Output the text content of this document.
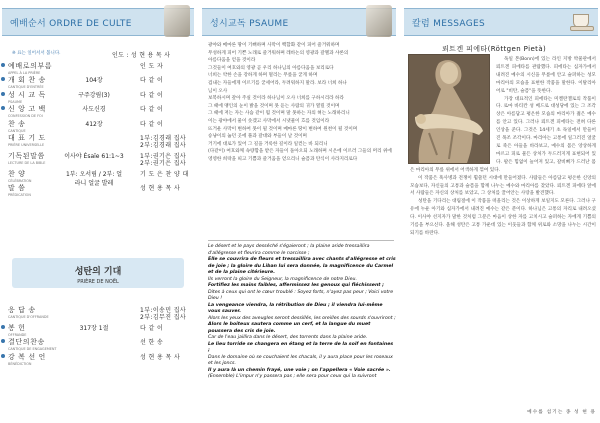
예배순서 ORDRE DE CULTE
※ 표는 일어서서 봅니다.	인도 : 성 현 용 목 사
예배로의부름
APPEL À LA PRIÈRE
인 도 자
개 회 찬 송
CANTIQUE D'ENTRÉE
104장	다 같 이
성 시 교 독
PSAUME
구주강림(3)	다 같 이
신 앙 고 백
CONFESSION DE FOI
사도신경	다 같 이
찬 송
CANTIQUE
412장	다 같 이
대 표 기 도
PRIÈRE UNIVERSELLE
1부:김경래 집사
2부:김경래 집사
기독된말씀
LECTURE DE LA BIBLE
이사야 Ésaïe 61:1~3	1부:권기은 집사
2부:권기은 집사
찬 양
CÉLÉBRATION
1부: 오서림 / 2부: 얼라니 얼굴 발레
기 도 은 찬 양 대
말 씀
PRÉDICATION
성 현 용 목 사
성탄의 기대
PRIÈRE DE NOËL
응 답 송
CANTIQUE D'OFFRANDE
1부:이송민 집사
2부:김무진 집사
봉 헌
OFFRANDE
317장 1절	다 같 이
결단의찬송
CANTIQUE DE ENGAGEMENT
선 한 송
강 복 선 언
BÉNÉDICTION
성 현 용 목 사
성시교독 PSAUME

광야와 메마른 땅이 기뻐하며 사막이 백합화 같이 피어 즐거워하며

무성하게 피어 기쁜 노래로 즐거워하며 레바논의 영광과 갈멜과 샤론의

아름다움을 얻을 것이라

그것들이 여호와의 영광 곧 우리 하나님의 아름다움을 보리로다

너희는 약한 손을 강하게 하며 떨리는 무릎을 굳게 하며

겁내는 자들에게 이르기를 굳세어라, 두려워하지 말라. 보라 너희 하나

님이 오사

보복하시며 갚아 주실 것이라 하나님이 오사 너희를 구하시리라 하라

그 때에 맹인의 눈이 밝을 것이며 못 듣는 사람의 귀가 열릴 것이며

그 때에 저는 자는 사슴 같이 뛸 것이며 말 못하는 자의 혀는 노래하리니

이는 광야에서 물이 솟겠고 사막에서 시냇물이 흐를 것임이라

뜨거운 사막이 변하여 못이 될 것이며 메마른 땅이 변하여 원천이 될 것이며

승냥이의 눕던 곳에 풀과 갈대와 부들이 날 것이며

거기에 대로가 있어 그 길을 거룩한 길이라 일컫는 바 되리니

(다같이) 여호와께 속량함을 받은 자들이 돌아오되 노래하며 시온에 이르러 그들의 머리 위에 영영한 희락을 띠고 기쁨과 즐거움을 얻으리니 슬픔과 탄식이 사라지리로다

Le désert et le pays desséché s'égaieront ; la plaine aride tressaillira d'allégresse et fleurira comme le narcisse ;

Elle se couvrira de fleurs et tressaillira avec chants d'allégresse et cris de joie ; la gloire du Liban lui sera donnée, la magnificence du Carmel et de la plaine citérieure.

Ils verront la gloire du Seigneur, la magnificence de notre Dieu.

Fortifiez les mains faibles, affermissez les genoux qui fléchissent ;

Dites à ceux qui ont le cœur troublé : Soyez forts, n'ayez pas peur ; Voici votre Dieu !

La vengeance viendra, la rétribution de Dieu ; il viendra lui-même vous sauver.

Alors les yeux des aveugles seront dessillés, les oreilles des sourds s'ouvriront ;

Alors le boiteux sautera comme un cerf, et la langue du muet poussera des cris de joie.

Car de l'eau jaillira dans le désert, des torrents dans la plaine aride.

Le lieu torride se changera en étang et la terre de la soif en fontaines ;

Dans le domaine où se couchaient les chacals, il y aura place pour les roseaux et les joncs.

Il y aura là un chemin frayé, une voie ; on l'appellera « Voie sacrée ».

(Ensemble) L'impur n'y passera pas ; elle sera pour ceux qui la suivront

칼럼 MESSAGES
뢰트겐 피에타(Röttgen Pietà)

독일 본(Bonn)에 있는 라인 지방 박물관에서 뢰트겐 피에타를 관람했다. 피에타는 십자가에서 내려진 예수의 시신을 무릎에 안고 슬퍼하는 성모 마리아의 모습을 표현한 작품을 말한다. 이탈리아어로 "비탄, 슬픔"을 뜻한다.

가장 대표적인 피에타는 미켈란젤로의 작품이다. 로마 바티칸 성 베드로 대성당에 있는 그 조각상은 아름답고 평온한 모습의 마리아가 젊은 예수를 안고 있다. 그러나 뢰트겐 피에타는 전혀 다른 인상을 준다. 그것은 14세기 초 독일에서 만들어진 목조 조각이다. 마리아는 고통에 일그러진 얼굴로 죽은 아들을 바라보고, 예수의 몸은 앙상하게 마르고 피로 물든 상처가 두드러지게 표현되어 있다. 팔은 힘없이 늘어져 있고, 갈비뼈가 드러난 몸은 마리아의 무릎 위에서 어색하게 꺾여 있다.

이 작품은 흑사병과 전쟁이 휩쓸던 시대에 만들어졌다. 사람들은 아름답고 평온한 신앙의 모습보다, 자신들의 고통과 슬픔을 함께 나누는 예수와 마리아를 찾았다. 뢰트겐 피에타 앞에서 사람들은 자신의 상처를 보았고, 그 상처를 끌어안는 사랑을 발견했다.

성탄을 기다리는 대림절에 이 작품을 떠올리는 것은 이상하게 보일지도 모른다. 그러나 구유에 누운 아기와 십자가에서 내려진 예수는 같은 분이다. 하나님은 고통의 자리로 내려오셨다. 이사야 선지자가 말한 것처럼 그분은 마음이 상한 자를 고치시고 슬퍼하는 자에게 기쁨의 기름을 부으신다. 올해 성탄은 고통 가운데 있는 이웃들과 함께 위로와 소망을 나누는 시간이 되기를 바란다.

예수를 섬기는 종 성 현 용
